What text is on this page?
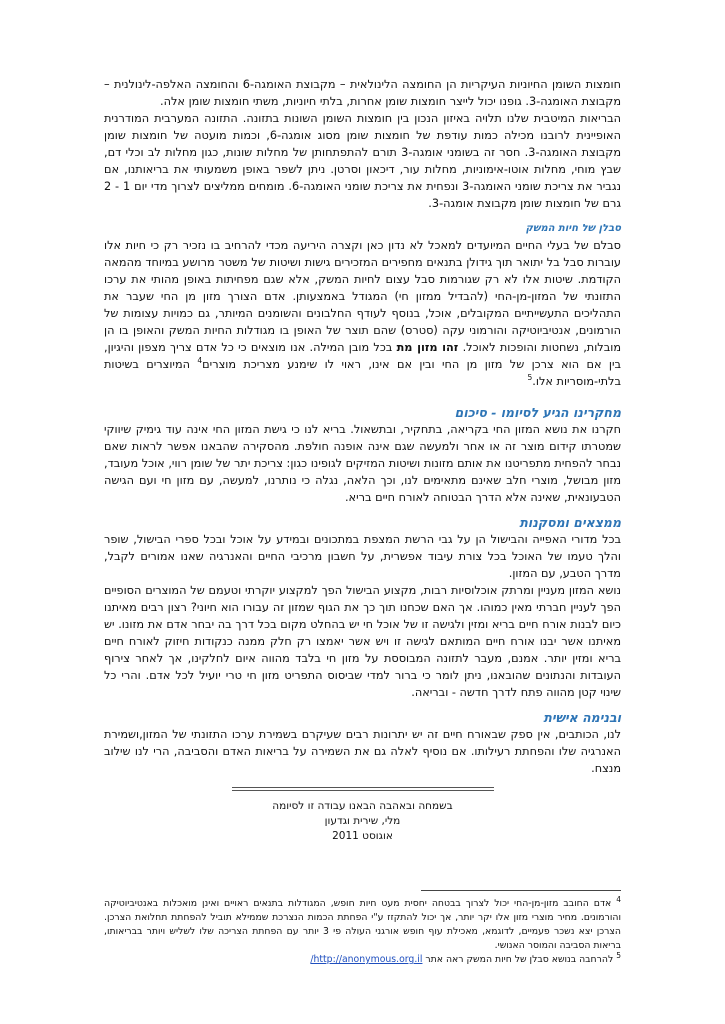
חומצות השומן החיוניות העיקריות הן החומצה הלינולאית – מקבוצת האומגה-6 והחומצה האלפה-לינולנית – מקבוצת האומגה-3. גופנו יכול לייצר חומצות שומן אחרות, בלתי חיוניות, משתי חומצות שומן אלה.

הבריאות המיטבית שלנו תלויה באיזון הנכון בין חומצות השומן השונות בתזונה. התזונה המערבית המודרנית האופיינית לרובנו מכילה כמות עודפת של חומצות שומן מסוג אומגה-6, וכמות מועטה של חומצות שומן מקבוצת האומגה-3. חסר זה בשומני אומגה-3 תורם להתפתחותן של מחלות שונות, כגון מחלות לב וכלי דם, שבץ מוחי, מחלות אוטו-אימוניות, מחלות עור, דיכאון וסרטן. ניתן לשפר באופן משמעותי את בריאותנו, אם נגביר את צריכת שומני האומגה-3 ונפחית את צריכת שומני האומגה-6. מומחים ממליצים לצרוך מדי יום 1 - 2 גרם של חומצות שומן מקבוצת אומגה-3.

סבלן של חיות המשק

סבלם של בעלי החיים המיועדים למאכל לא נדון כאן וקצרה היריעה מכדי להרחיב בו נזכיר רק כי חיות אלו עוברות סבל בל יתואר תוך גידולן בתנאים מחפירים המזכירים גישות ושיטות של משטר מרושע במיוחד מהמאה הקודמת. שיטות אלו לא רק שגורמות סבל עצום לחיות המשק, אלא שגם מפחיתות באופן מהותי את ערכו התזונתי של המזון-מן-החי (להבדיל ממזון חי) המגודל באמצעותן. אדם הצורך מזון מן החי שעבר את התהליכים התעשייתיים המקובלים, אוכל, בנוסף לעודף החלבונים והשומנים המיותר, גם כמויות עצומות של הורמונים, אנטיביוטיקה והורמוני עקה (סטרס) שהם תוצר של האופן בו מגודלות החיות המשק והאופן בו הן מובלות, נשחטות והופכות לאוכל. זהו מזון מת בכל מובן המילה. אנו מוצאים כי כל אדם צריך מצפון והיגיון, בין אם הוא צרכן של מזון מן החי ובין אם אינו, ראוי לו שימנע מצריכת מוצרים$^4$ המיוצרים בשיטות בלתי-מוסריות אלו.$^5$

מחקרינו הגיע לסיומו - סיכום

חקרנו את נושא המזון החי בקריאה, בתחקיר, ובתשאול. בריא לנו כי גישת המזון החי אינה עוד גימיק שיווקי שמטרתו קידום מוצר זה או אחר ולמעשה שגם אינה אופנה חולפת. מהסקירה שהבאנו אפשר לראות שאם נבחר להפחית מתפריטנו את אותם מזונות ושיטות המזיקים לגופינו כגון: צריכת יתר של שומן רווי, אוכל מעובד, מזון מבושל, מוצרי חלב שאינם מתאימים לנו, וכך הלאה, נגלה כי נותרנו, למעשה, עם מזון חי ועם הגישה הטבעונאית, שאינה אלא הדרך הבטוחה לאורח חיים בריא.

ממצאים ומסקנות

בכל מדורי האפייה והבישול הן על גבי הרשת המצפת במתכונים ובמידע על אוכל ובכל ספרי הבישול, שופר והלך טעמו של האוכל בכל צורת עיבוד אפשרית, על חשבון מרכיבי החיים והאנרגיה שאנו אמורים לקבל, מדרך הטבע, עם המזון.

נושא המזון מעניין ומרתק אוכלוסיות רבות, מקצוע הבישול הפך למקצוע יוקרתי וטעמם של המוצרים הסופיים הפך לעניין חברתי מאין כמוהו. אך האם שכחנו תוך כך את הגוף שמזון זה עבורו הוא חיוני? רצון רבים מאיתנו כיום לבנות אורח חיים בריא ומזין ולגישה זו של אוכל חי יש בהחלט מקום בכל דרך בה יבחר אדם את מזונו. יש מאיתנו אשר יבנו אורח חיים המותאם לגישה זו ויש אשר יאמצו רק חלק ממנה כנקודות חיזוק לאורח חיים בריא ומזין יותר. אמנם, מעבר לתזונה המבוססת על מזון חי בלבד מהווה איום לחלקינו, אך לאחר צירוף העובדות והנתונים שהובאנו, ניתן לומר כי ברור למדי שביסוס התפריט מזון חי טרי יועיל לכל אדם. והרי כל שינוי קטן מהווה פתח לדרך חדשה - ובריאה.

ובנימה אישית

לנו, הכותבים, אין ספק שבאורח חיים זה יש יתרונות רבים שעיקרם בשמירת ערכו התזונתי של המזון,ושמירת האנרגיה שלו והפחתת רעילותו. אם נוסיף לאלה גם את השמירה על בריאות האדם והסביבה, הרי לנו שילוב מנצח.

בשמחה ובאהבה הבאנו עבודה זו לסיומה
מלי, שירית וגדעון
אוגוסט 2011

$^4$ אדם החובב מזון-מן-החי יכול לצרוך בבטחה יחסית מעט חיות חופש, המגודלות בתנאים ראויים ואינן מואכלות באנטיביוטיקה והורמונים. מחיר מוצרי מזון אלו יקר יותר, אך יכול להתקזז ע"י הפחתת הכמות הנצרכת שממילא תוביל להפחתת תחלואת הצרכן. הצרכן יצא נשכר פעמיים, לדוגמא, מאכילת עוף חופש אורגני העולה פי 3 יותר עם הפחתת הצריכה שלו לשליש ויותר בבריאותו, בריאות הסביבה והמוסר האנושי.

$^5$ להרחבה בנושא סבלן של חיות המשק ראה אתר http://anonymous.org.il/
